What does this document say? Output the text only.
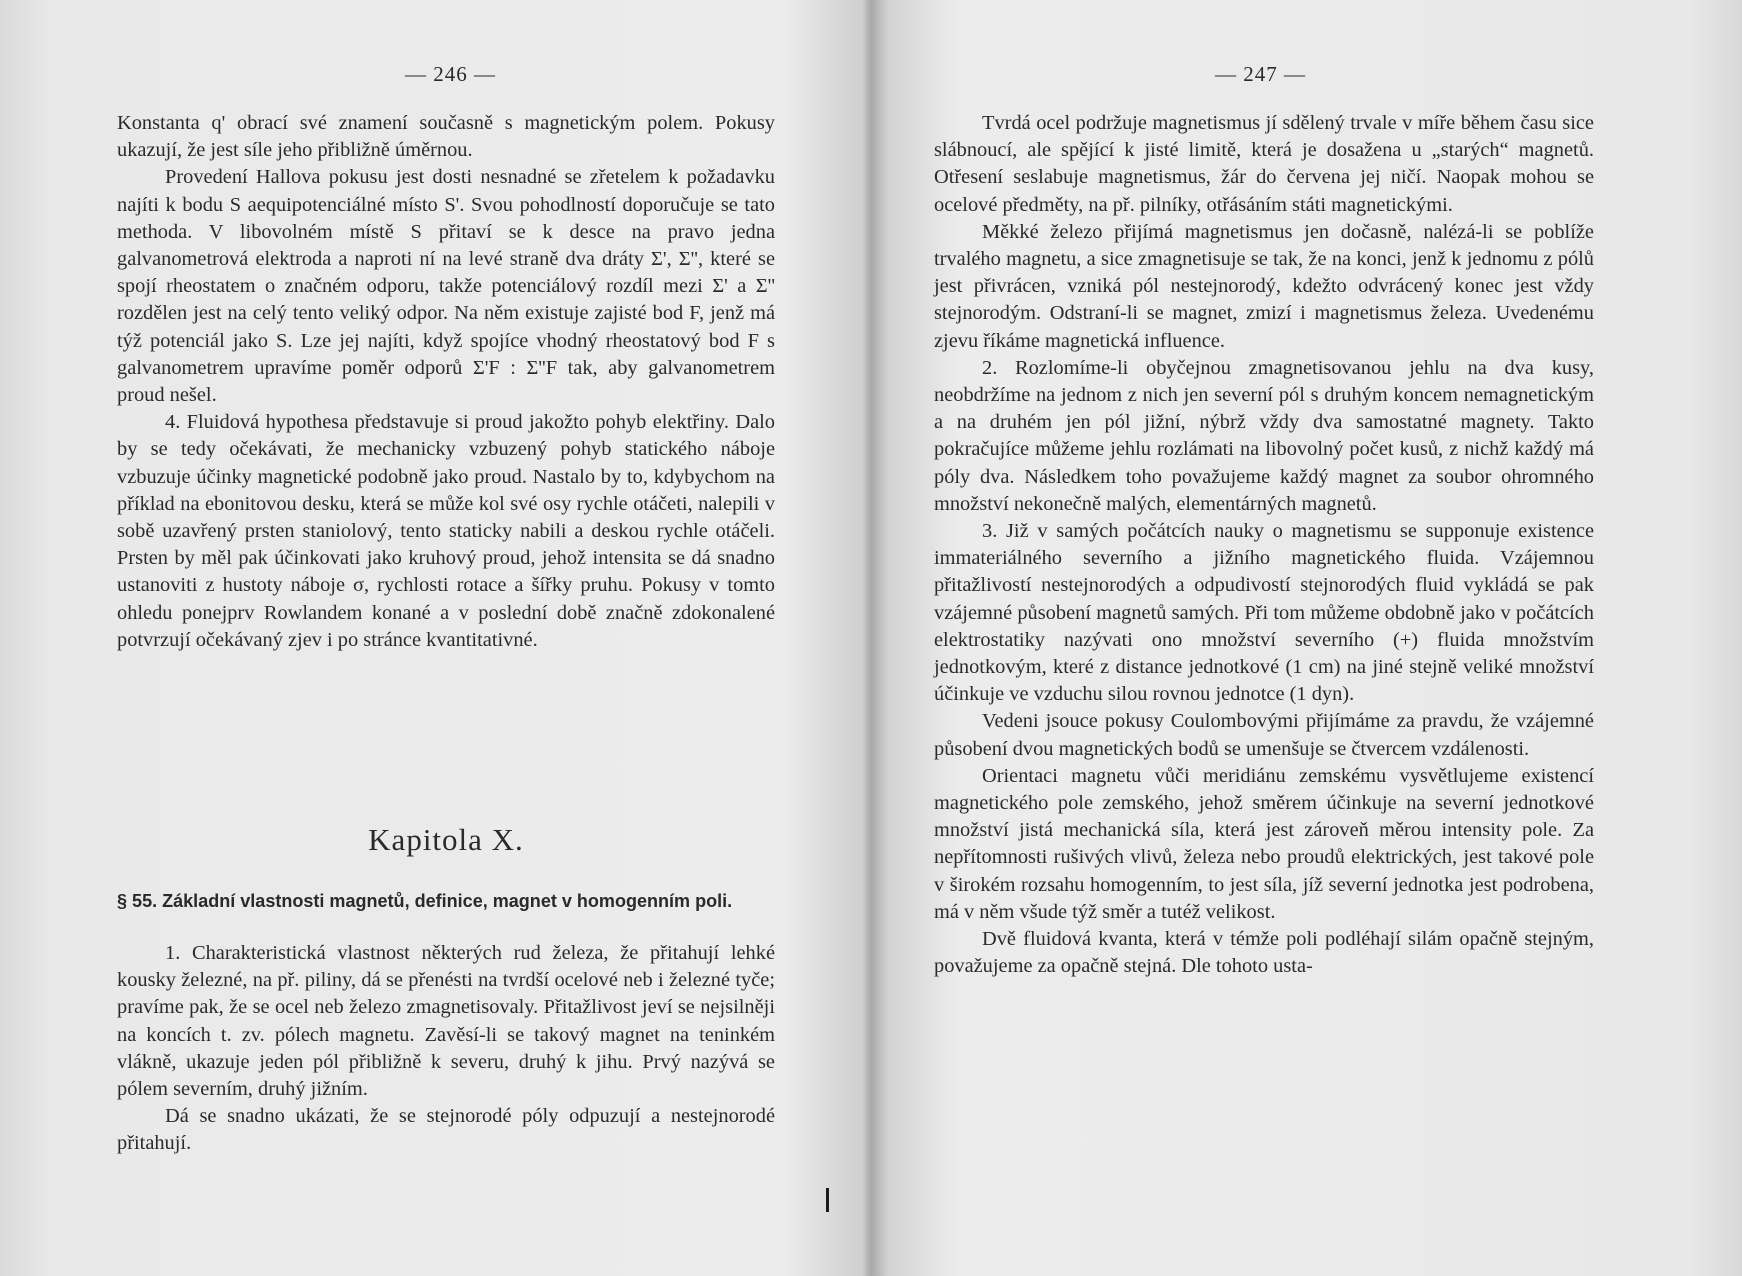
— 246 —

Konstanta q' obrací své znamení současně s magnetickým polem. Pokusy ukazují, že jest síle jeho přibližně úměrnou.

Provedení Hallova pokusu jest dosti nesnadné se zřetelem k požadavku najíti k bodu S aequipotenciálné místo S'. Svou pohodlností doporučuje se tato methoda. V libovolném místě S přitaví se k desce na pravo jedna galvanometrová elektroda a naproti ní na levé straně dva dráty Σ', Σ'', které se spojí rheostatem o značném odporu, takže potenciálový rozdíl mezi Σ' a Σ'' rozdělen jest na celý tento veliký odpor. Na něm existuje zajisté bod F, jenž má týž potenciál jako S. Lze jej najíti, když spojíce vhodný rheostatový bod F s galvanometrem upravíme poměr odporů Σ'F : Σ''F tak, aby galvanometrem proud nešel.

4. Fluidová hypothesa představuje si proud jakožto pohyb elektřiny. Dalo by se tedy očekávati, že mechanicky vzbuzený pohyb statického náboje vzbuzuje účinky magnetické podobně jako proud. Nastalo by to, kdybychom na příklad na ebonitovou desku, která se může kol své osy rychle otáčeti, nalepili v sobě uzavřený prsten staniolový, tento staticky nabili a deskou rychle otáčeli. Prsten by měl pak účinkovati jako kruhový proud, jehož intensita se dá snadno ustanoviti z hustoty náboje σ, rychlosti rotace a šířky pruhu. Pokusy v tomto ohledu ponejprv Rowlandem konané a v poslední době značně zdokonalené potvrzují očekávaný zjev i po stránce kvantitativné.

Kapitola X.
§ 55. Základní vlastnosti magnetů, definice, magnet v homogenním poli.

1. Charakteristická vlastnost některých rud železa, že přitahují lehké kousky železné, na př. piliny, dá se přenésti na tvrdší ocelové neb i železné tyče; pravíme pak, že se ocel neb železo zmagnetisovaly. Přitažlivost jeví se nejsilněji na koncích t. zv. pólech magnetu. Zavěsí-li se takový magnet na teninkém vlákně, ukazuje jeden pól přibližně k severu, druhý k jihu. Prvý nazývá se pólem severním, druhý jižním.

Dá se snadno ukázati, že se stejnorodé póly odpuzují a nestejnorodé přitahují.

— 247 —

Tvrdá ocel podržuje magnetismus jí sdělený trvale v míře během času sice slábnoucí, ale spějící k jisté limitě, která je dosažena u „starých“ magnetů. Otřesení seslabuje magnetismus, žár do červena jej ničí. Naopak mohou se ocelové předměty, na př. pilníky, otřásáním státi magnetickými.

Měkké železo přijímá magnetismus jen dočasně, nalézá-li se poblíže trvalého magnetu, a sice zmagnetisuje se tak, že na konci, jenž k jednomu z pólů jest přivrácen, vzniká pól nestejnorodý, kdežto odvrácený konec jest vždy stejnorodým. Odstraní-li se magnet, zmizí i magnetismus železa. Uvedenému zjevu říkáme magnetická influence.

2. Rozlomíme-li obyčejnou zmagnetisovanou jehlu na dva kusy, neobdržíme na jednom z nich jen severní pól s druhým koncem nemagnetickým a na druhém jen pól jižní, nýbrž vždy dva samostatné magnety. Takto pokračujíce můžeme jehlu rozlámati na libovolný počet kusů, z nichž každý má póly dva. Následkem toho považujeme každý magnet za soubor ohromného množství nekonečně malých, elementárných magnetů.

3. Již v samých počátcích nauky o magnetismu se supponuje existence immateriálného severního a jižního magnetického fluida. Vzájemnou přitažlivostí nestejnorodých a odpudivostí stejnorodých fluid vykládá se pak vzájemné působení magnetů samých. Při tom můžeme obdobně jako v počátcích elektrostatiky nazývati ono množství severního (+) fluida množstvím jednotkovým, které z distance jednotkové (1 cm) na jiné stejně veliké množství účinkuje ve vzduchu silou rovnou jednotce (1 dyn).

Vedeni jsouce pokusy Coulombovými přijímáme za pravdu, že vzájemné působení dvou magnetických bodů se umenšuje se čtvercem vzdálenosti.

Orientaci magnetu vůči meridiánu zemskému vysvětlujeme existencí magnetického pole zemského, jehož směrem účinkuje na severní jednotkové množství jistá mechanická síla, která jest zároveň měrou intensity pole. Za nepřítomnosti rušivých vlivů, železa nebo proudů elektrických, jest takové pole v širokém rozsahu homogenním, to jest síla, jíž severní jednotka jest podrobena, má v něm všude týž směr a tutéž velikost.

Dvě fluidová kvanta, která v témže poli podléhají silám opačně stejným, považujeme za opačně stejná. Dle tohoto usta-
